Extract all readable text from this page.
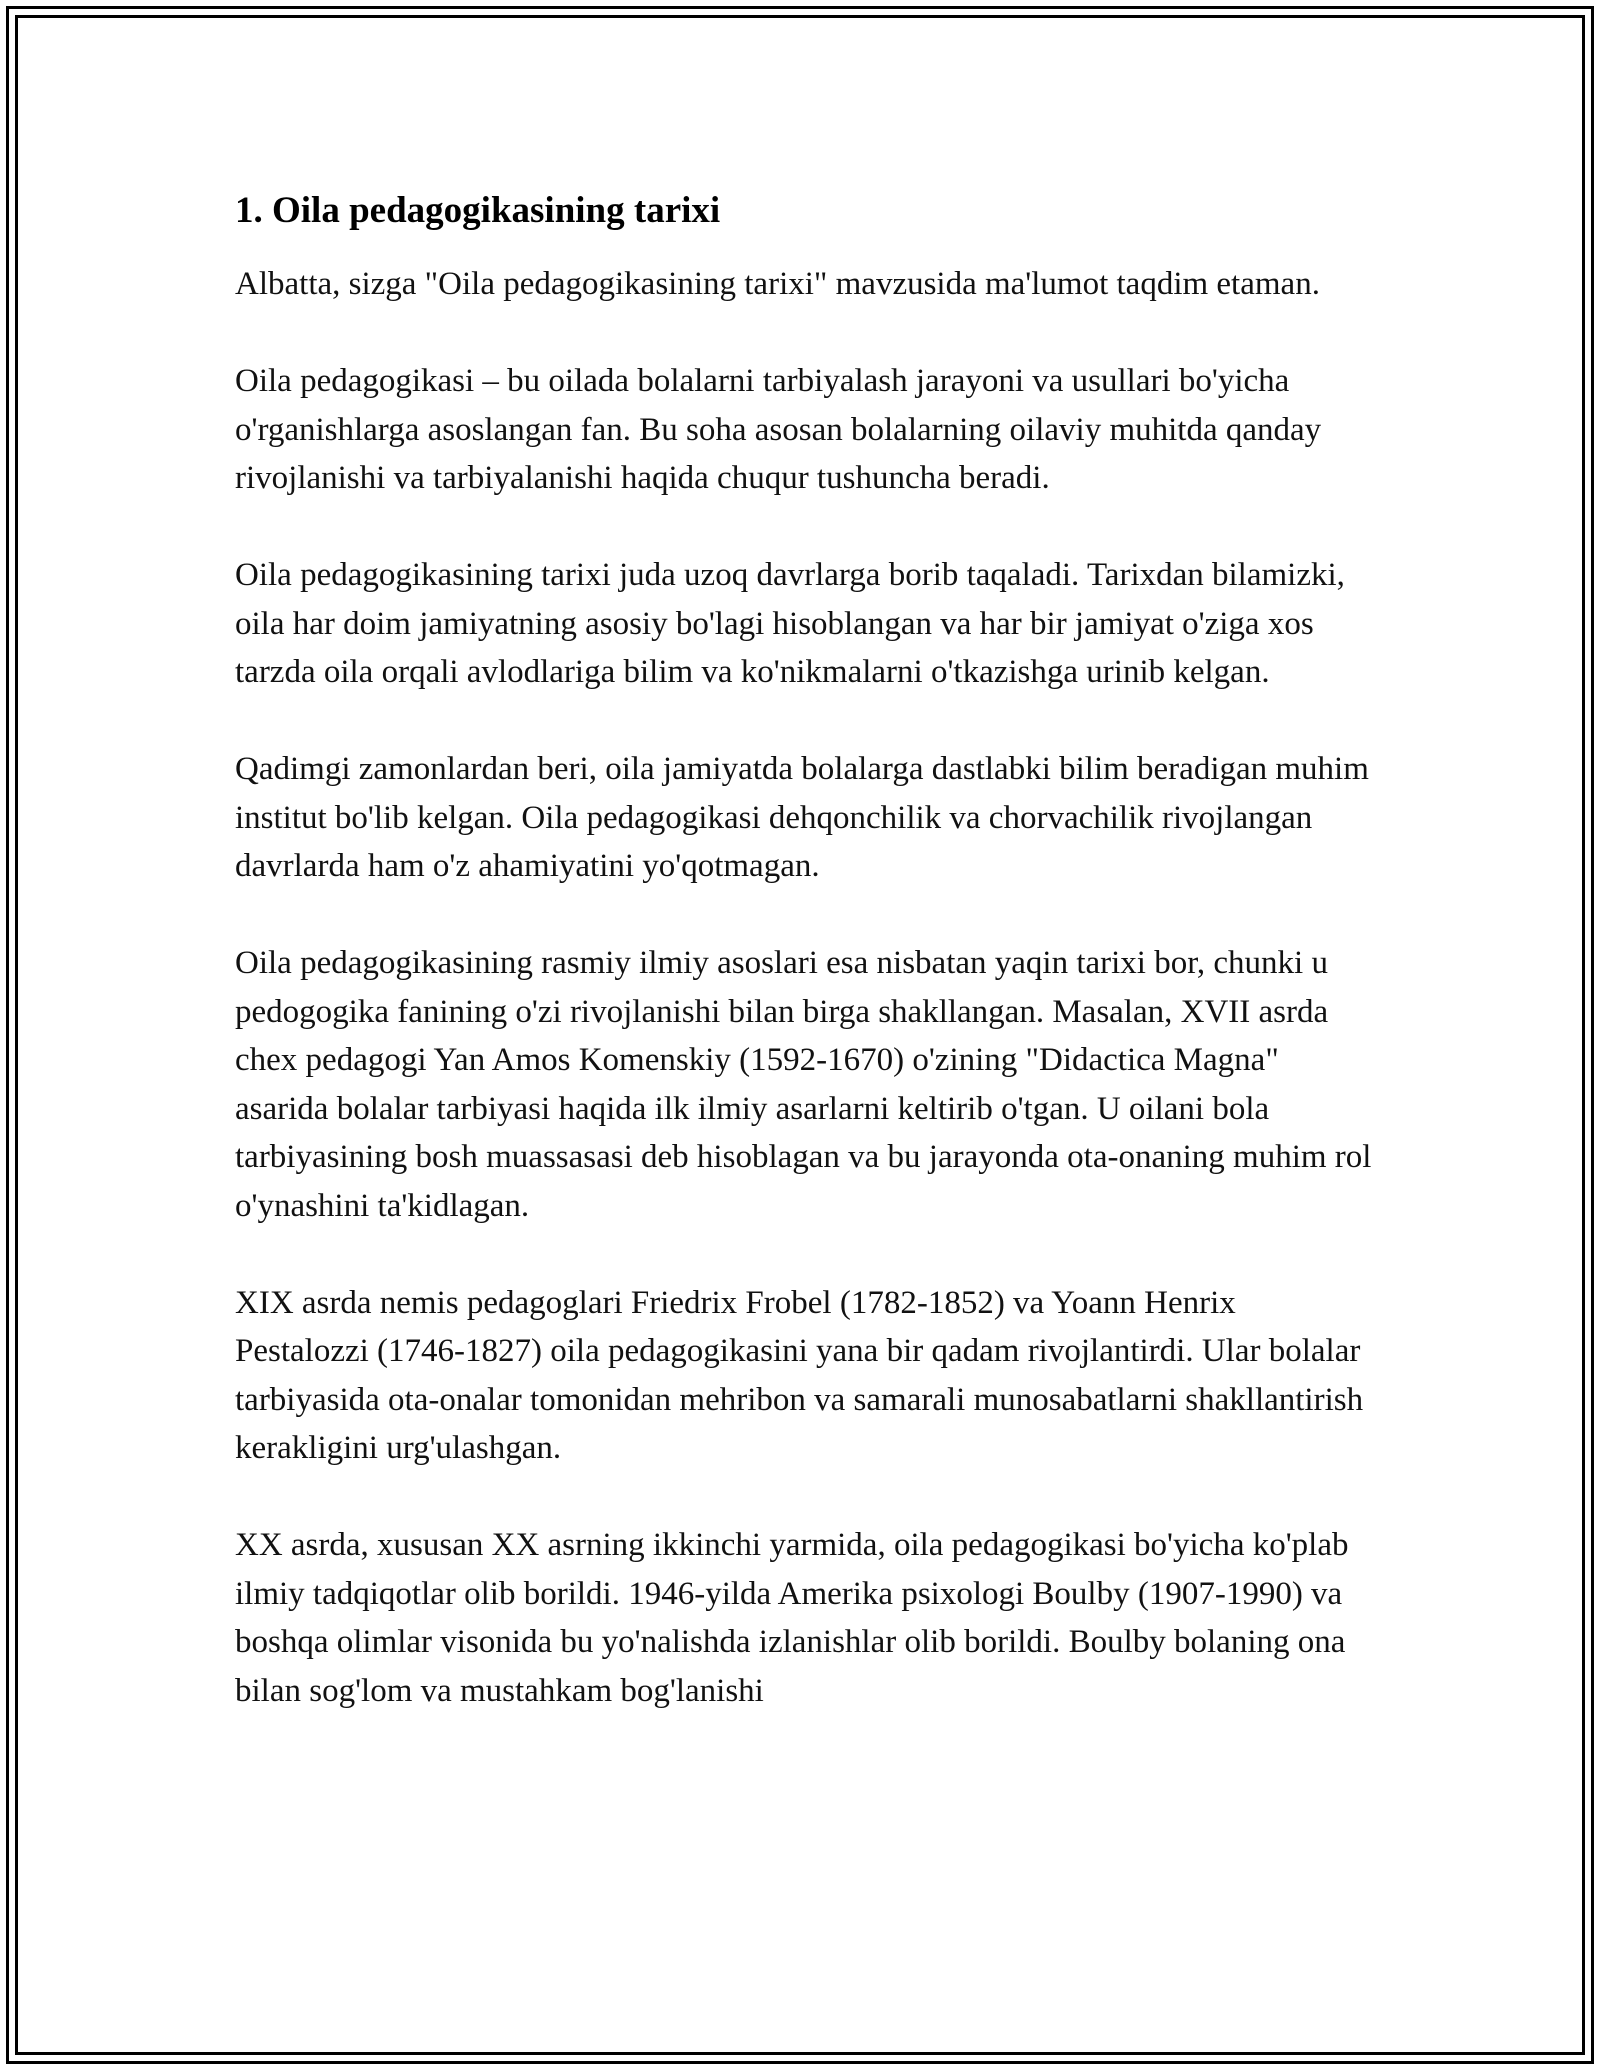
1. Oila pedagogikasining tarixi

Albatta, sizga "Oila pedagogikasining tarixi" mavzusida ma'lumot taqdim etaman.

Oila pedagogikasi – bu oilada bolalarni tarbiyalash jarayoni va usullari bo'yicha o'rganishlarga asoslangan fan. Bu soha asosan bolalarning oilaviy muhitda qanday rivojlanishi va tarbiyalanishi haqida chuqur tushuncha beradi.

Oila pedagogikasining tarixi juda uzoq davrlarga borib taqaladi. Tarixdan bilamizki, oila har doim jamiyatning asosiy bo'lagi hisoblangan va har bir jamiyat o'ziga xos tarzda oila orqali avlodlariga bilim va ko'nikmalarni o'tkazishga urinib kelgan.

Qadimgi zamonlardan beri, oila jamiyatda bolalarga dastlabki bilim beradigan muhim institut bo'lib kelgan. Oila pedagogikasi dehqonchilik va chorvachilik rivojlangan davrlarda ham o'z ahamiyatini yo'qotmagan.

Oila pedagogikasining rasmiy ilmiy asoslari esa nisbatan yaqin tarixi bor, chunki u pedogogika fanining o'zi rivojlanishi bilan birga shakllangan. Masalan, XVII asrda chex pedagogi Yan Amos Komenskiy (1592-1670) o'zining "Didactica Magna" asarida bolalar tarbiyasi haqida ilk ilmiy asarlarni keltirib o'tgan. U oilani bola tarbiyasining bosh muassasasi deb hisoblagan va bu jarayonda ota-onaning muhim rol o'ynashini ta'kidlagan.

XIX asrda nemis pedagoglari Friedrix Frobel (1782-1852) va Yoann Henrix Pestalozzi (1746-1827) oila pedagogikasini yana bir qadam rivojlantirdi. Ular bolalar tarbiyasida ota-onalar tomonidan mehribon va samarali munosabatlarni shakllantirish kerakligini urg'ulashgan.

XX asrda, xususan XX asrning ikkinchi yarmida, oila pedagogikasi bo'yicha ko'plab ilmiy tadqiqotlar olib borildi. 1946-yilda Amerika psixologi Boulby (1907-1990) va boshqa olimlar visonida bu yo'nalishda izlanishlar olib borildi. Boulby bolaning ona bilan sog'lom va mustahkam bog'lanishi
